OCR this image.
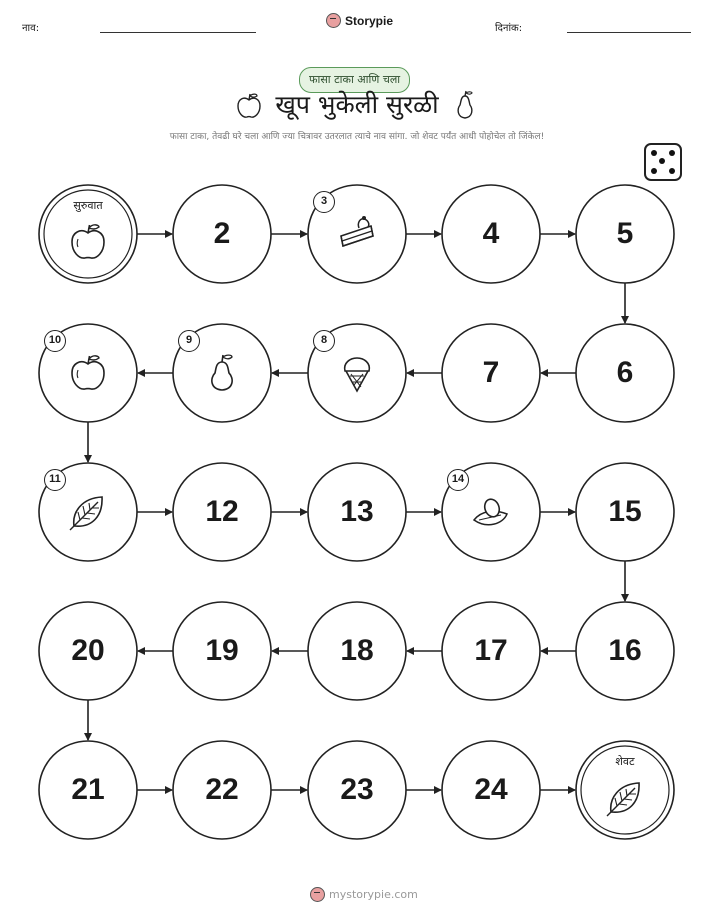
नाव:
Storypie
दिनांक:
फासा टाका आणि चला
खूप भुकेली सुरळी
फासा टाका, तेवढी घरे चला आणि ज्या चित्रावर उतरलात त्याचे नाव सांगा. जो शेवट पर्यंत आधी पोहोचेल तो जिंकेल!
सुरुवात
2
3
4	5
6
7
8
9
10
11
12	13
14
15
16
17
18
19
20
21	22	23	24
शेवट
mystorypie.com
